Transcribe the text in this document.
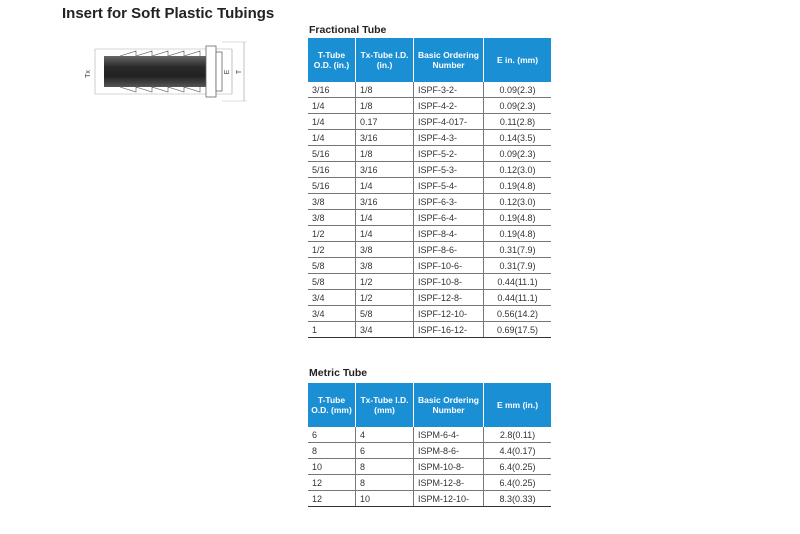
Insert for Soft Plastic Tubings
Tx	E T
Fractional Tube
T-Tube O.D. (in.)	Tx-Tube I.D. (in.)	Basic Ordering Number	E in. (mm)
3/16	1/8	ISPF-3-2-	0.09(2.3)
1/4	1/8	ISPF-4-2-	0.09(2.3)
1/4	0.17	ISPF-4-017-	0.11(2.8)
1/4	3/16	ISPF-4-3-	0.14(3.5)
5/16	1/8	ISPF-5-2-	0.09(2.3)
5/16	3/16	ISPF-5-3-	0.12(3.0)
5/16	1/4	ISPF-5-4-	0.19(4.8)
3/8	3/16	ISPF-6-3-	0.12(3.0)
3/8	1/4	ISPF-6-4-	0.19(4.8)
1/2	1/4	ISPF-8-4-	0.19(4.8)
1/2	3/8	ISPF-8-6-	0.31(7.9)
5/8	3/8	ISPF-10-6-	0.31(7.9)
5/8	1/2	ISPF-10-8-	0.44(11.1)
3/4	1/2	ISPF-12-8-	0.44(11.1)
3/4	5/8	ISPF-12-10-	0.56(14.2)
1	3/4	ISPF-16-12-	0.69(17.5)
Metric Tube
T-Tube O.D. (mm)	Tx-Tube I.D. (mm)	Basic Ordering Number	E mm (in.)
6	4	ISPM-6-4-	2.8(0.11)
8	6	ISPM-8-6-	4.4(0.17)
10	8	ISPM-10-8-	6.4(0.25)
12	8	ISPM-12-8-	6.4(0.25)
12	10	ISPM-12-10-	8.3(0.33)
